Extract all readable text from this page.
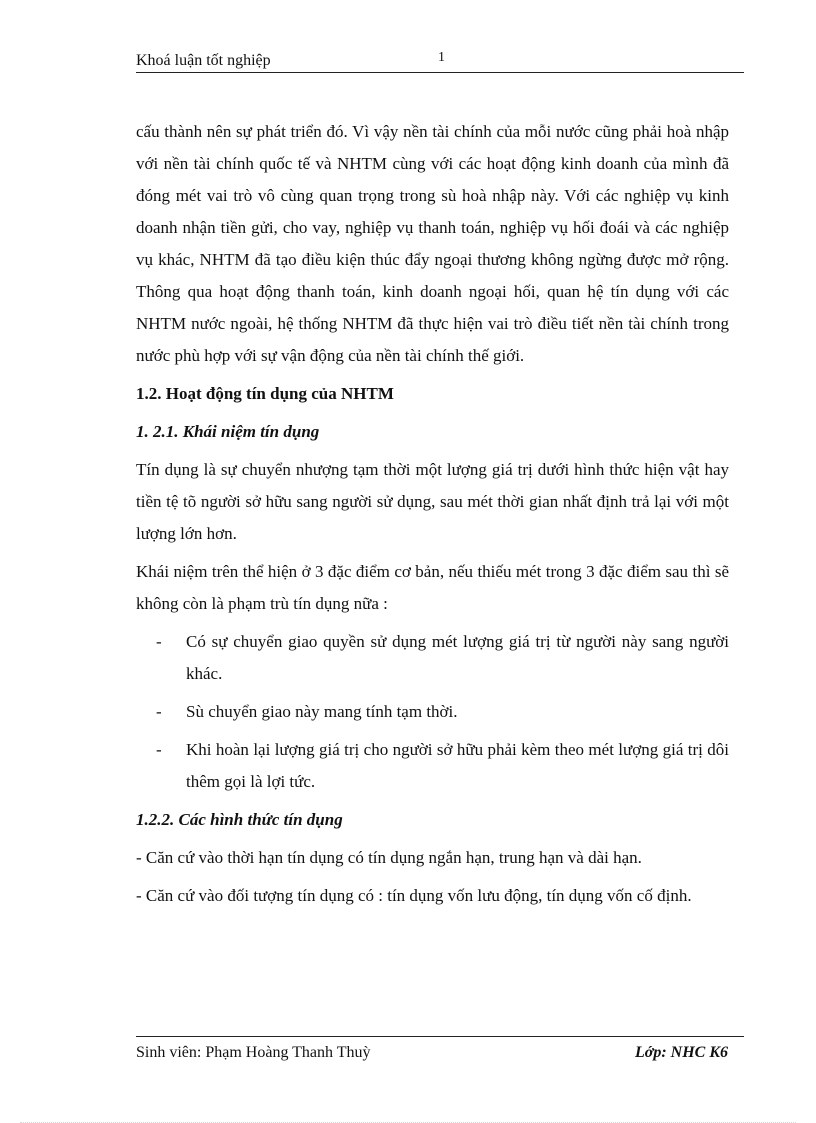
Khoá luận tốt nghiệp	1

cấu thành nên sự phát triển đó. Vì vậy nền tài chính của mỗi nước cũng phải hoà nhập với nền tài chính quốc tế và NHTM cùng với các hoạt động kinh doanh của mình đã đóng mét vai trò vô cùng quan trọng trong sù hoà nhập này. Với các nghiệp vụ kinh doanh nhận tiền gửi, cho vay, nghiệp vụ thanh toán, nghiệp vụ hối đoái và các nghiệp vụ khác, NHTM đã tạo điều kiện thúc đẩy ngoại thương không ngừng được mở rộng. Thông qua hoạt động thanh toán, kinh doanh ngoại hối, quan hệ tín dụng với các NHTM nước ngoài, hệ thống NHTM đã thực hiện vai trò điều tiết nền tài chính trong nước phù hợp với sự vận động của nền tài chính thế giới.

1.2. Hoạt động tín dụng của NHTM
1. 2.1. Khái niệm tín dụng

Tín dụng là sự chuyển nhượng tạm thời một lượng giá trị dưới hình thức hiện vật hay tiền tệ tõ người sở hữu sang người sử dụng, sau mét thời gian nhất định trả lại với một lượng lớn hơn.

Khái niệm trên thể hiện ở 3 đặc điểm cơ bản, nếu thiếu mét trong 3 đặc điểm sau thì sẽ không còn là phạm trù tín dụng nữa :

- Có sự chuyển giao quyền sử dụng mét lượng giá trị từ người này sang người khác.
- Sù chuyển giao này mang tính tạm thời.
- Khi hoàn lại lượng giá trị cho người sở hữu phải kèm theo mét lượng giá trị dôi thêm gọi là lợi tức.
1.2.2. Các hình thức tín dụng

- Căn cứ vào thời hạn tín dụng có tín dụng ngắn hạn, trung hạn và dài hạn.

- Căn cứ vào đối tượng tín dụng có : tín dụng vốn lưu động, tín dụng vốn cố định.

Sinh viên: Phạm Hoàng Thanh Thuỳ	Lớp: NHC K6
